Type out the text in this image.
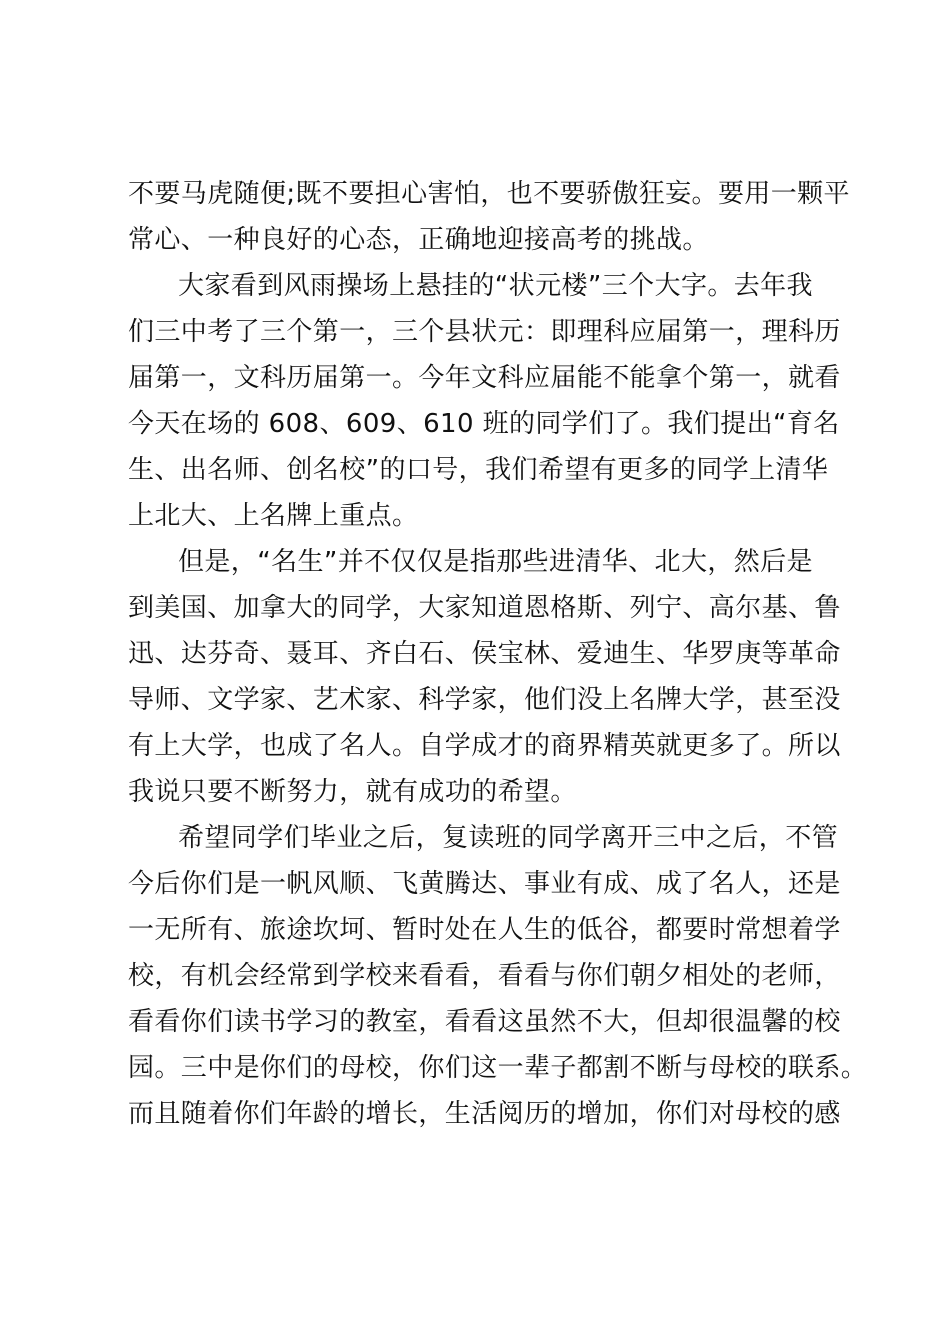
不要马虎随便;既不要担心害怕，也不要骄傲狂妄。要用一颗平
常心、一种良好的心态，正确地迎接高考的挑战。
大家看到风雨操场上悬挂的“状元楼”三个大字。去年我
们三中考了三个第一，三个县状元：即理科应届第一，理科历
届第一，文科历届第一。今年文科应届能不能拿个第一，就看
今天在场的 608、609、610 班的同学们了。我们提出“育名
生、出名师、创名校”的口号，我们希望有更多的同学上清华
上北大、上名牌上重点。
但是，“名生”并不仅仅是指那些进清华、北大，然后是
到美国、加拿大的同学，大家知道恩格斯、列宁、高尔基、鲁
迅、达芬奇、聂耳、齐白石、侯宝林、爱迪生、华罗庚等革命
导师、文学家、艺术家、科学家，他们没上名牌大学，甚至没
有上大学，也成了名人。自学成才的商界精英就更多了。所以
我说只要不断努力，就有成功的希望。
希望同学们毕业之后，复读班的同学离开三中之后，不管
今后你们是一帆风顺、飞黄腾达、事业有成、成了名人，还是
一无所有、旅途坎坷、暂时处在人生的低谷，都要时常想着学
校，有机会经常到学校来看看，看看与你们朝夕相处的老师，
看看你们读书学习的教室，看看这虽然不大，但却很温馨的校
园。三中是你们的母校，你们这一辈子都割不断与母校的联系。
而且随着你们年龄的增长，生活阅历的增加，你们对母校的感
